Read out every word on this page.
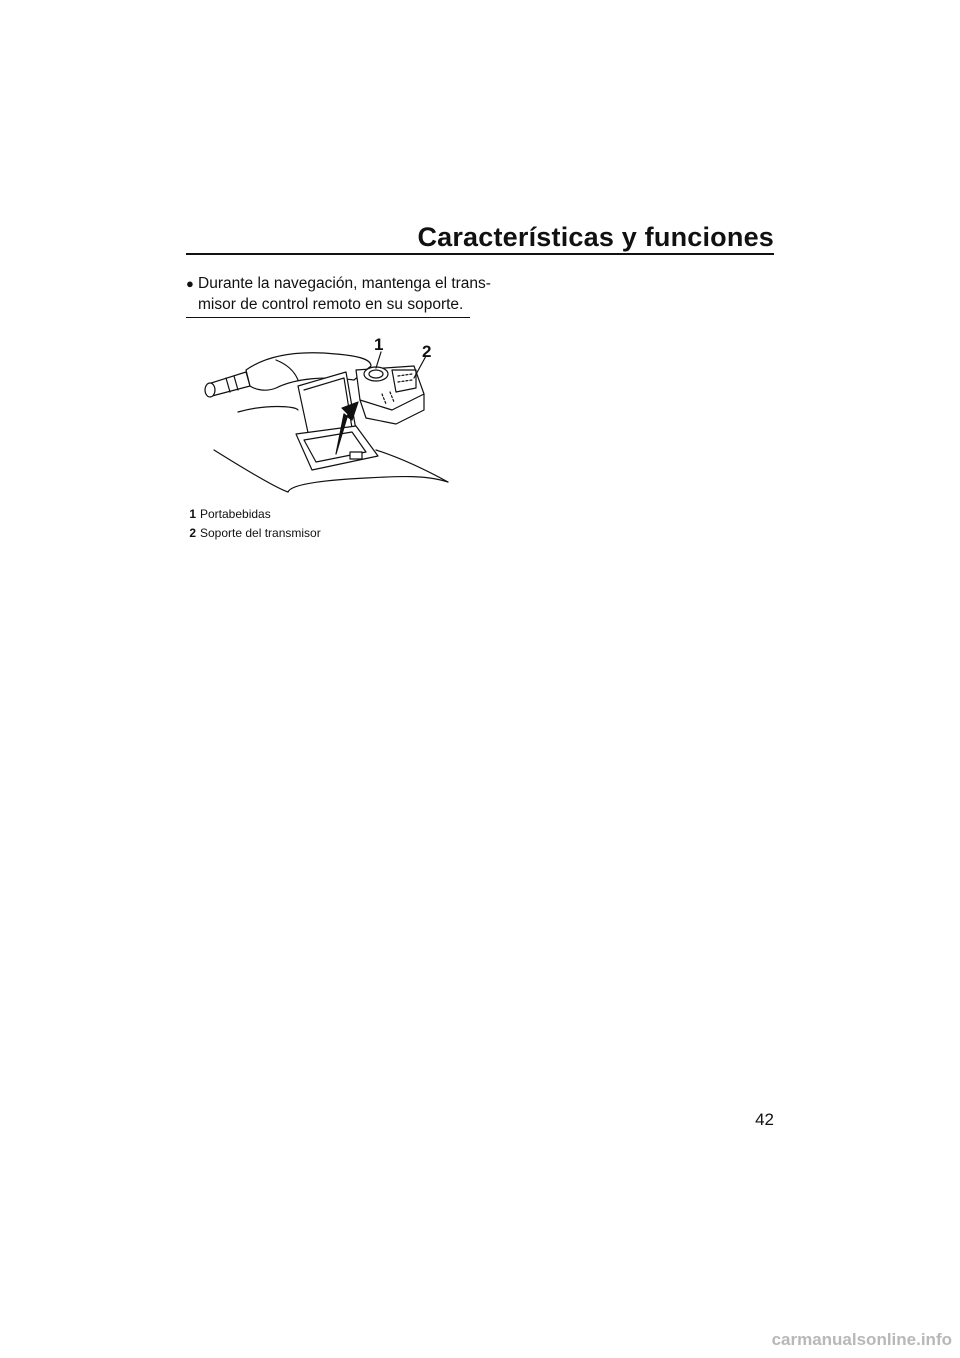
Características y funciones
● Durante la navegación, mantenga el trans-
misor de control remoto en su soporte.
1 2
1 Portabebidas
2 Soporte del transmisor
42
carmanualsonline.info
